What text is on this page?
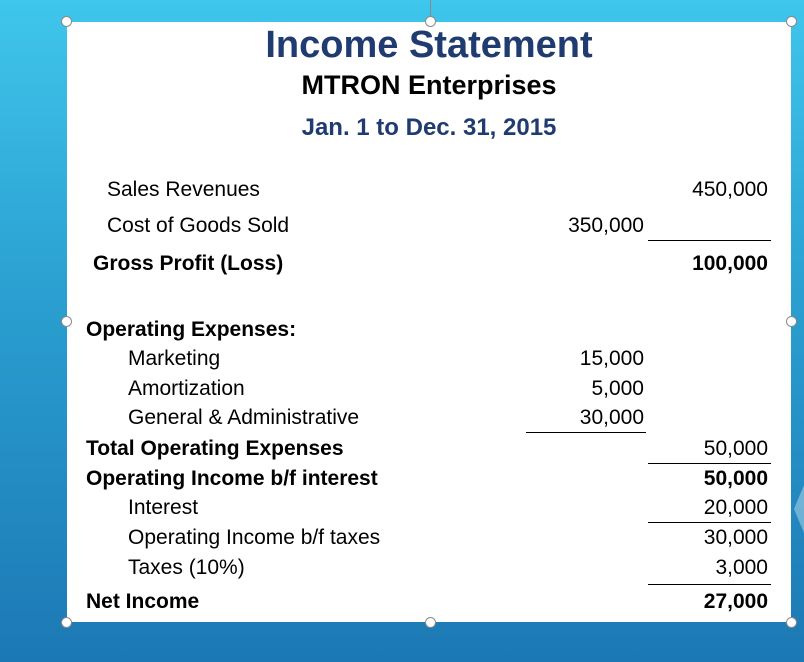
Income Statement
MTRON Enterprises
Jan. 1 to Dec. 31, 2015
Sales Revenues	450,000
Cost of Goods Sold	350,000
Gross Profit (Loss)	100,000
Operating Expenses:
Marketing	15,000
Amortization	5,000
General & Administrative	30,000
Total Operating Expenses	50,000
Operating Income b/f interest	50,000
Interest	20,000
Operating Income b/f taxes	30,000
Taxes (10%)	3,000
Net Income	27,000
